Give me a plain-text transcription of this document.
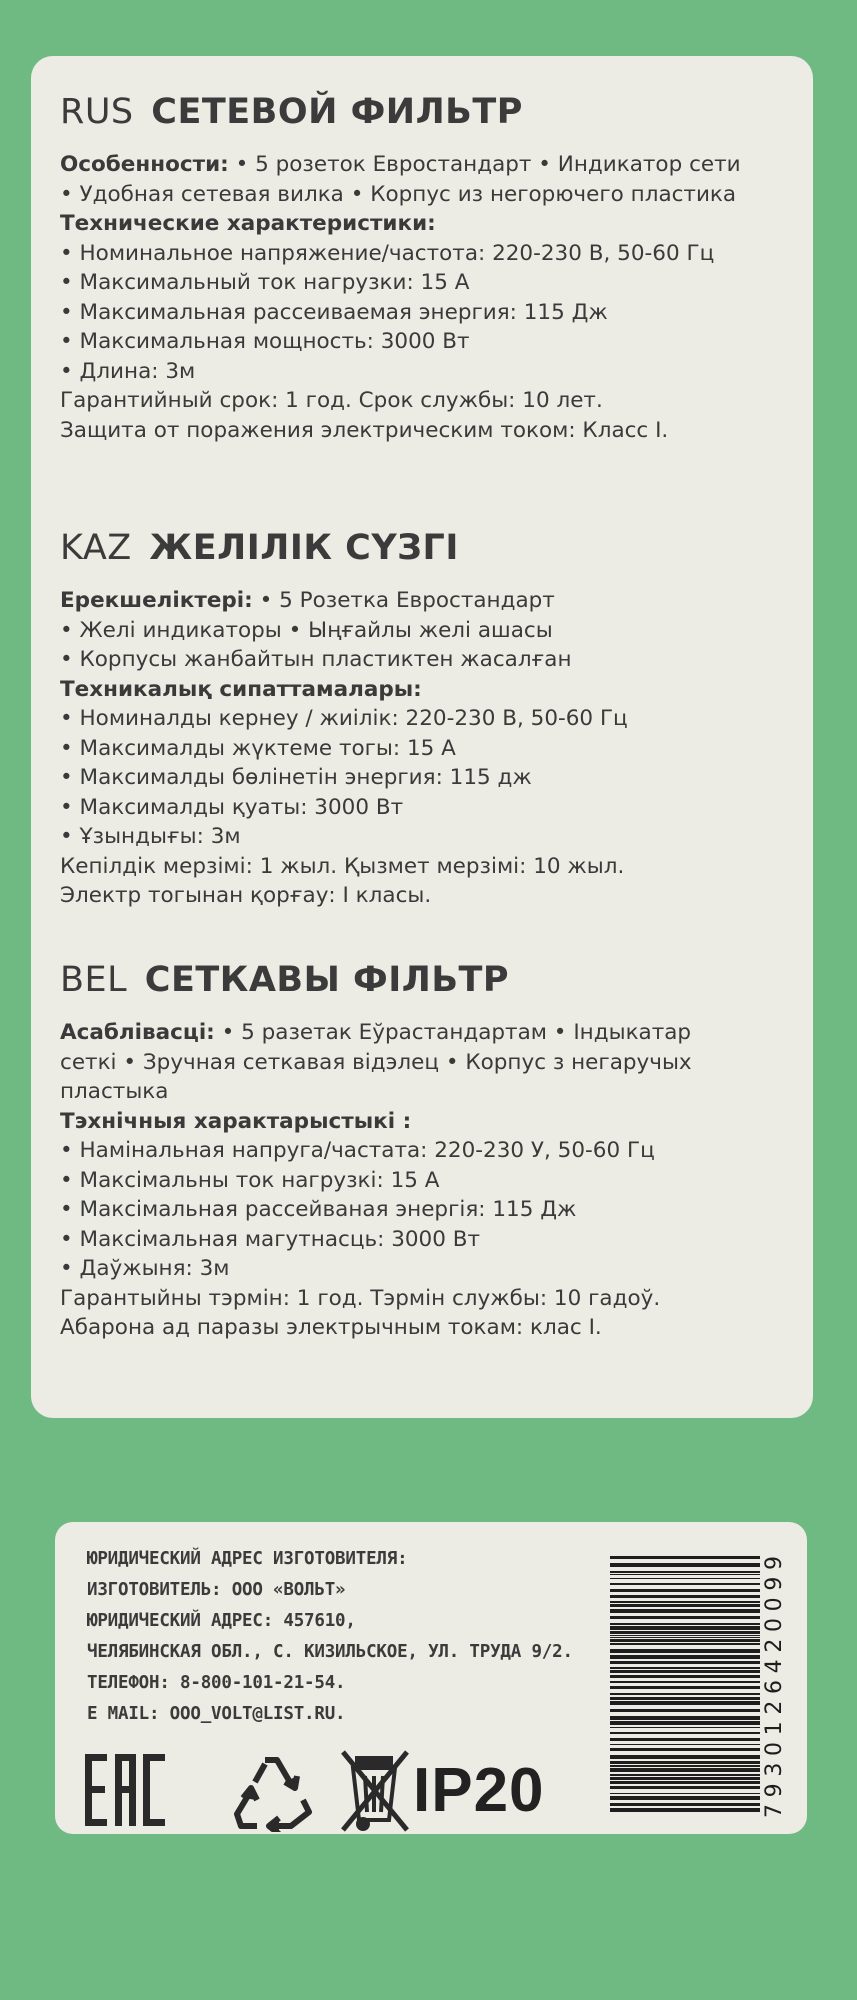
RUS СЕТЕВОЙ ФИЛЬТР
Особенности: • 5 розеток Евростандарт • Индикатор сети
• Удобная сетевая вилка • Корпус из негорючего пластика
Технические характеристики:
• Номинальное напряжение/частота: 220-230 В, 50-60 Гц
• Максимальный ток нагрузки: 15 А
• Максимальная рассеиваемая энергия: 115 Дж
• Максимальная мощность: 3000 Вт
• Длина: 3м
Гарантийный срок: 1 год. Срок службы: 10 лет.
Защита от поражения электрическим током: Класс I.
KAZ ЖЕЛІЛІК СҮЗГІ
Ерекшеліктері: • 5 Розетка Евростандарт
• Желі индикаторы • Ыңғайлы желі ашасы
• Корпусы жанбайтын пластиктен жасалған
Техникалық сипаттамалары:
• Номиналды кернеу / жиілік: 220-230 В, 50-60 Гц
• Максималды жүктеме тогы: 15 А
• Максималды бөлінетін энергия: 115 дж
• Максималды қуаты: 3000 Вт
• Ұзындығы: 3м
Кепілдік мерзімі: 1 жыл. Қызмет мерзімі: 10 жыл.
Электр тогынан қорғау: I класы.
BEL СЕТКАВЫ ФІЛЬТР
Асаблівасці: • 5 разетак Еўрастандартам • Індыкатар
сеткі • Зручная сеткавая відэлец • Корпус з негаручых
пластыка
Тэхнічныя характарыстыкі :
• Намінальная напруга/частата: 220-230 У, 50-60 Гц
• Максімальны ток нагрузкі: 15 А
• Максімальная рассейваная энергія: 115 Дж
• Максімальная магутнасць: 3000 Вт
• Даўжыня: 3м
Гарантыйны тэрмін: 1 год. Тэрмін службы: 10 гадоў.
Абарона ад паразы электрычным токам: клас I.
ЮРИДИЧЕСКИЙ АДРЕС ИЗГОТОВИТЕЛЯ:
ИЗГОТОВИТЕЛЬ: ООО «ВОЛЬТ»
ЮРИДИЧЕСКИЙ АДРЕС: 457610,
ЧЕЛЯБИНСКАЯ ОБЛ., С. КИЗИЛЬСКОЕ, УЛ. ТРУДА 9/2.
ТЕЛЕФОН: 8-800-101-21-54.
E MAIL: OOO_VOLT@LIST.RU.
IP20	7930126420099
